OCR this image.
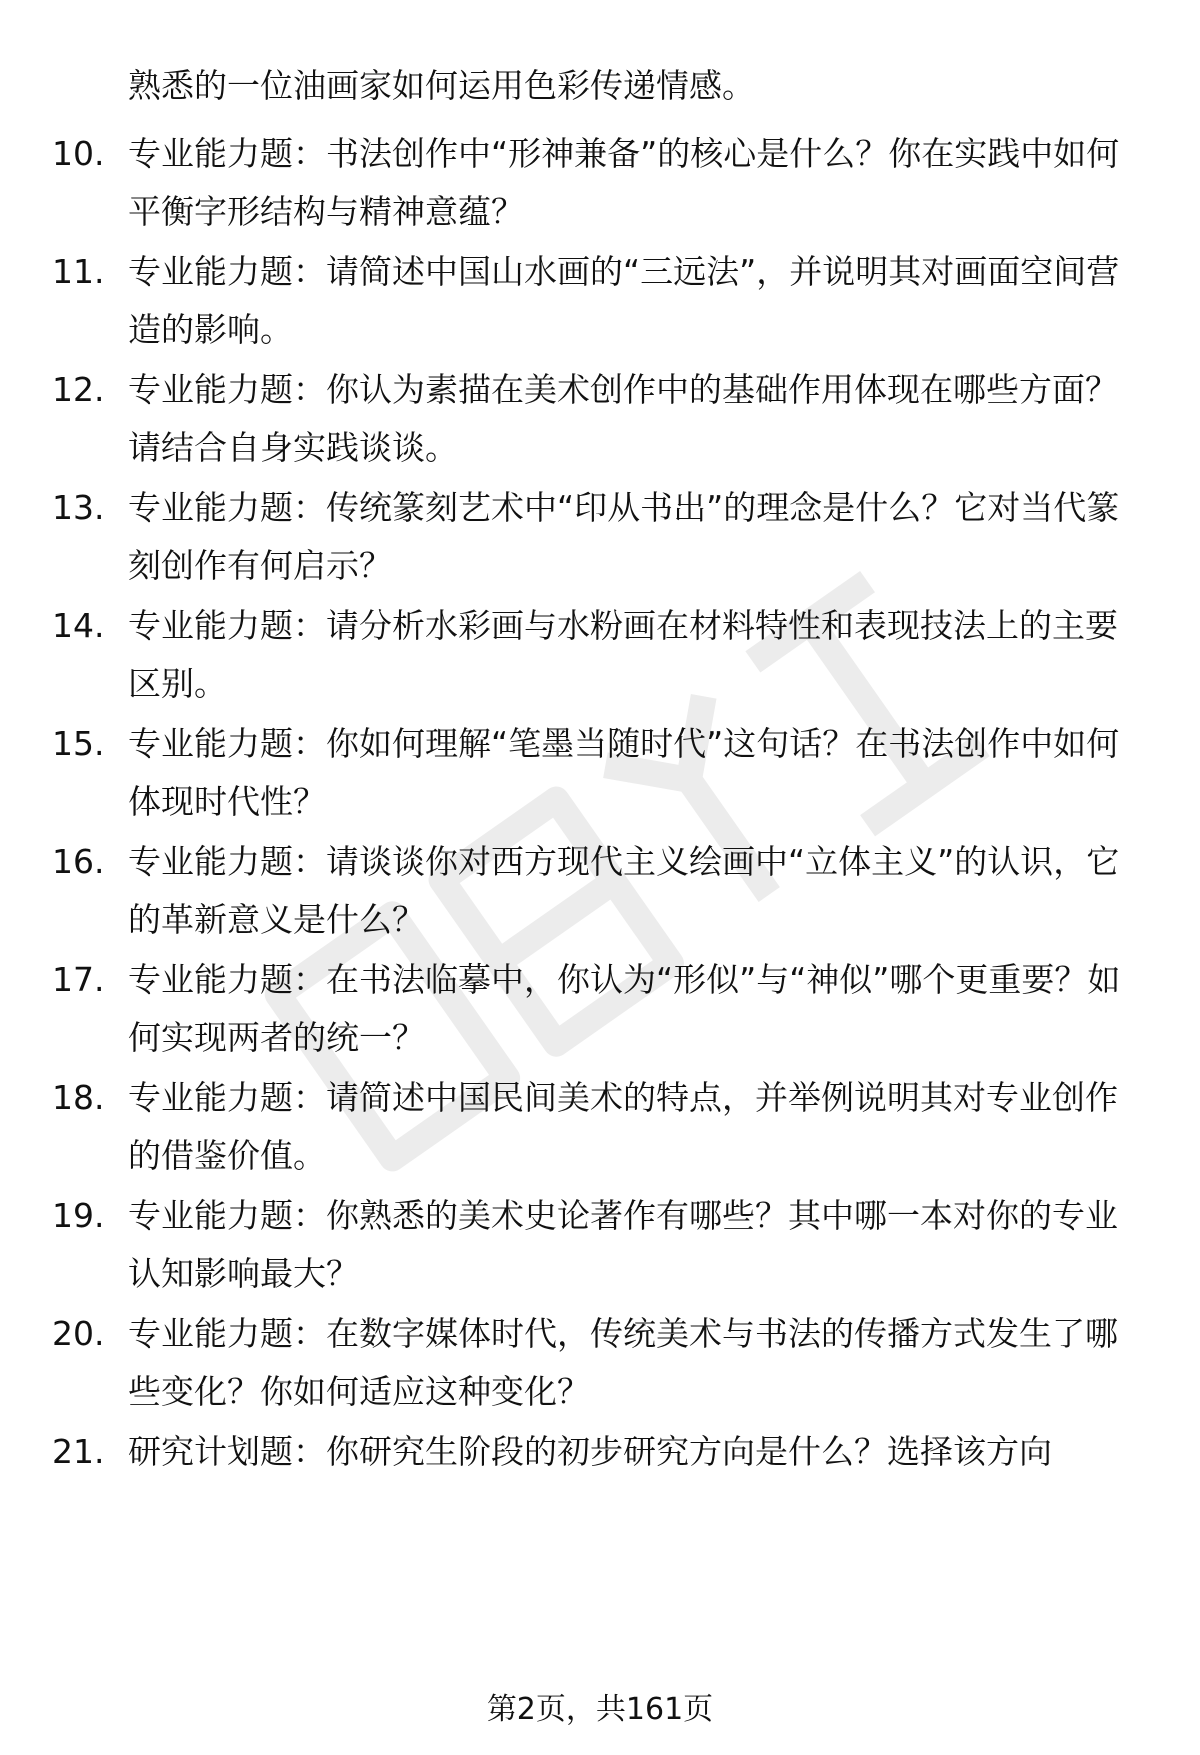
熟悉的一位油画家如何运用色彩传递情感。
10. 专业能力题：书法创作中“形神兼备”的核心是什么？你在实践中如何平衡字形结构与精神意蕴？
11. 专业能力题：请简述中国山水画的“三远法”，并说明其对画面空间营造的影响。
12. 专业能力题：你认为素描在美术创作中的基础作用体现在哪些方面？请结合自身实践谈谈。
13. 专业能力题：传统篆刻艺术中“印从书出”的理念是什么？它对当代篆刻创作有何启示？
14. 专业能力题：请分析水彩画与水粉画在材料特性和表现技法上的主要区别。
15. 专业能力题：你如何理解“笔墨当随时代”这句话？在书法创作中如何体现时代性？
16. 专业能力题：请谈谈你对西方现代主义绘画中“立体主义”的认识，它的革新意义是什么？
17. 专业能力题：在书法临摹中，你认为“形似”与“神似”哪个更重要？如何实现两者的统一？
18. 专业能力题：请简述中国民间美术的特点，并举例说明其对专业创作的借鉴价值。
19. 专业能力题：你熟悉的美术史论著作有哪些？其中哪一本对你的专业认知影响最大？
20. 专业能力题：在数字媒体时代，传统美术与书法的传播方式发生了哪些变化？你如何适应这种变化？
21. 研究计划题：你研究生阶段的初步研究方向是什么？选择该方向
第2页，共161页
